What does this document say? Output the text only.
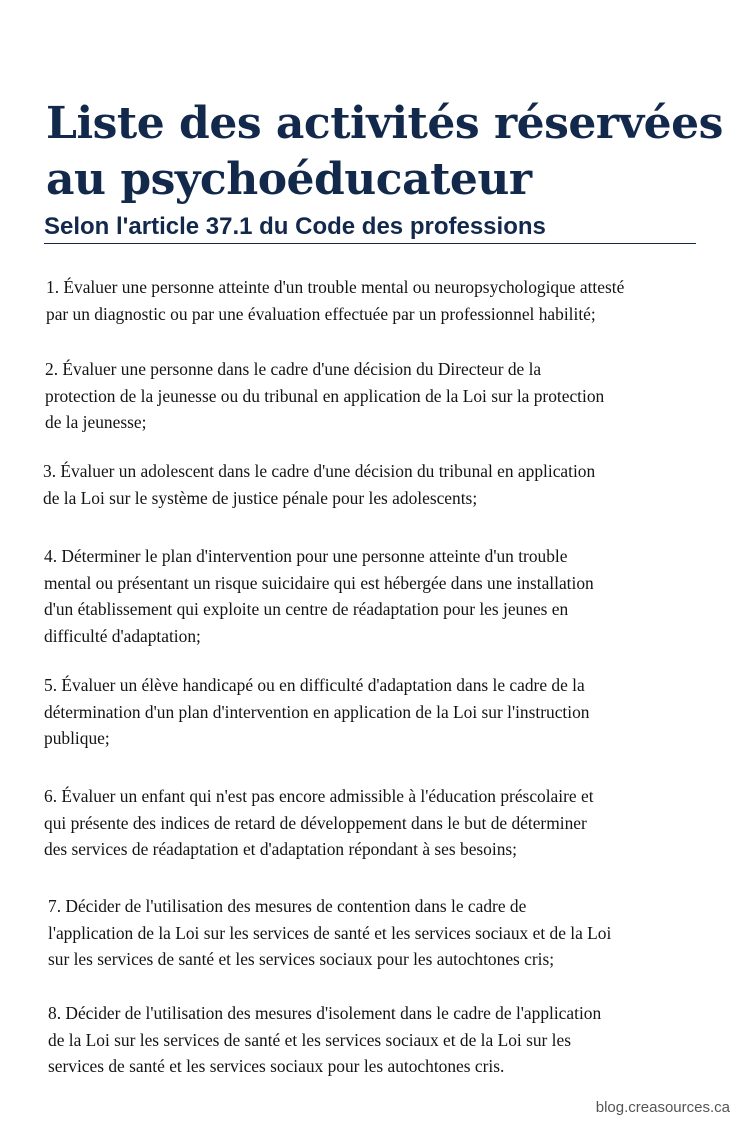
Liste des activités réservées
au psychoéducateur
Selon l'article 37.1 du Code des professions
1. Évaluer une personne atteinte d'un trouble mental ou neuropsychologique attesté
par un diagnostic ou par une évaluation effectuée par un professionnel habilité;
2. Évaluer une personne dans le cadre d'une décision du Directeur de la
protection de la jeunesse ou du tribunal en application de la Loi sur la protection
de la jeunesse;
3. Évaluer un adolescent dans le cadre d'une décision du tribunal en application
de la Loi sur le système de justice pénale pour les adolescents;
4. Déterminer le plan d'intervention pour une personne atteinte d'un trouble
mental ou présentant un risque suicidaire qui est hébergée dans une installation
d'un établissement qui exploite un centre de réadaptation pour les jeunes en
difficulté d'adaptation;
5. Évaluer un élève handicapé ou en difficulté d'adaptation dans le cadre de la
détermination d'un plan d'intervention en application de la Loi sur l'instruction
publique;
6. Évaluer un enfant qui n'est pas encore admissible à l'éducation préscolaire et
qui présente des indices de retard de développement dans le but de déterminer
des services de réadaptation et d'adaptation répondant à ses besoins;
7. Décider de l'utilisation des mesures de contention dans le cadre de
l'application de la Loi sur les services de santé et les services sociaux et de la Loi
sur les services de santé et les services sociaux pour les autochtones cris;
8. Décider de l'utilisation des mesures d'isolement dans le cadre de l'application
de la Loi sur les services de santé et les services sociaux et de la Loi sur les
services de santé et les services sociaux pour les autochtones cris.
blog.creasources.ca
